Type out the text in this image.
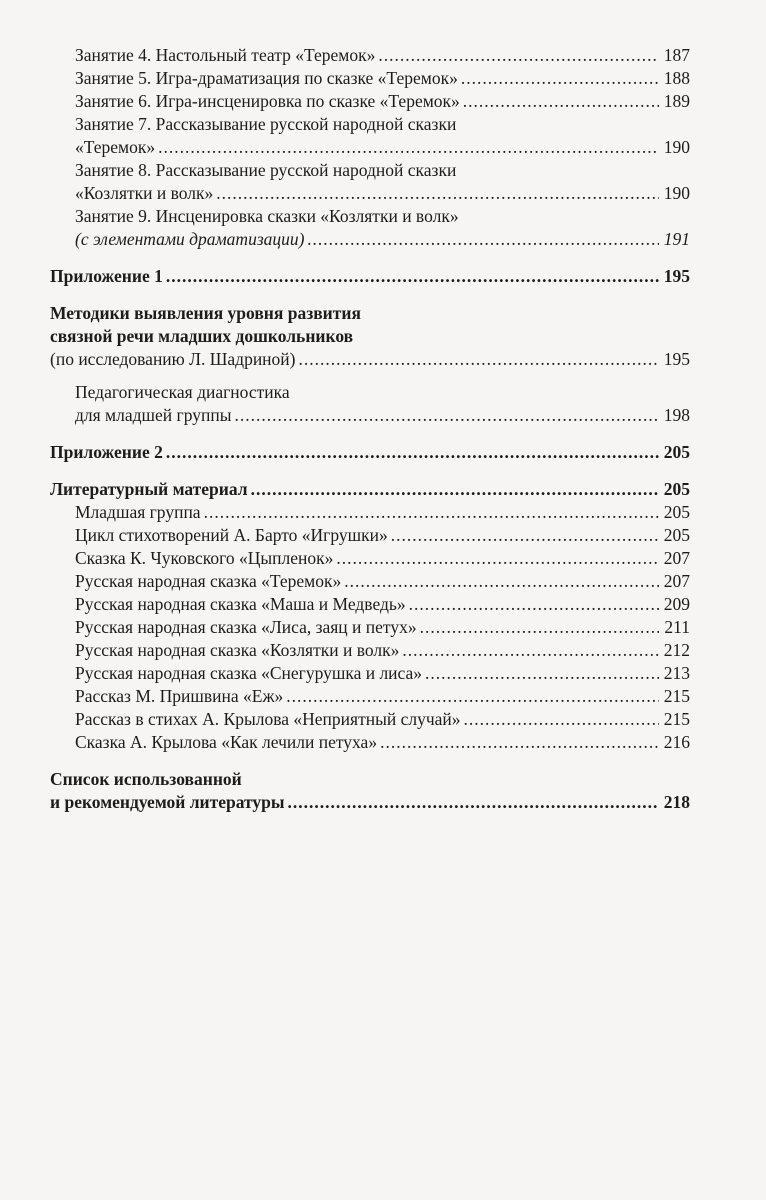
Занятие 4. Настольный театр «Теремок» .....	187
Занятие 5. Игра-драматизация по сказке «Теремок» .....	188
Занятие 6. Игра-инсценировка по сказке «Теремок» .....	189
Занятие 7. Рассказывание русской народной сказки
«Теремок» .....	190
Занятие 8. Рассказывание русской народной сказки
«Козлятки и волк» .....	190
Занятие 9. Инсценировка сказки «Козлятки и волк»
(с элементами драматизации) .....	191
Приложение 1 .....	195
Методики выявления уровня развития
связной речи младших дошкольников
(по исследованию Л. Шадриной) .....	195
Педагогическая диагностика
для младшей группы .....	198
Приложение 2 .....	205
Литературный материал .....	205
Младшая группа .....	205
Цикл стихотворений А. Барто «Игрушки» .....	205
Сказка К. Чуковского «Цыпленок» .....	207
Русская народная сказка «Теремок» .....	207
Русская народная сказка «Маша и Медведь» .....	209
Русская народная сказка «Лиса, заяц и петух» .....	211
Русская народная сказка «Козлятки и волк» .....	212
Русская народная сказка «Снегурушка и лиса» .....	213
Рассказ М. Пришвина «Еж» .....	215
Рассказ в стихах А. Крылова «Неприятный случай» .....	215
Сказка А. Крылова «Как лечили петуха» .....	216
Список использованной
и рекомендуемой литературы .....	218
